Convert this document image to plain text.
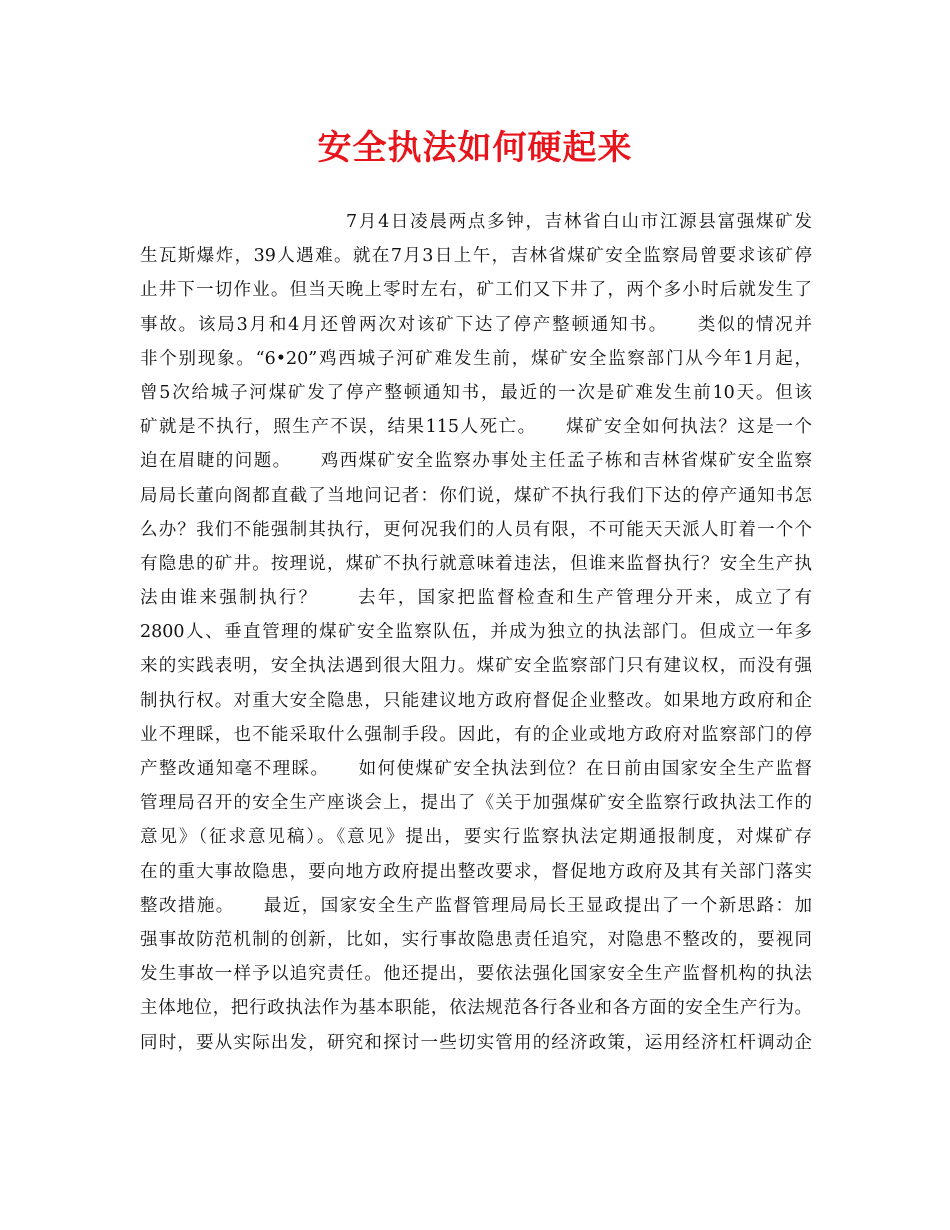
安全执法如何硬起来
7月4日凌晨两点多钟，吉林省白山市江源县富强煤矿发
生瓦斯爆炸，39人遇难。就在7月3日上午，吉林省煤矿安全监察局曾要求该矿停
止井下一切作业。但当天晚上零时左右，矿工们又下井了，两个多小时后就发生了
事故。该局3月和4月还曾两次对该矿下达了停产整顿通知书。　　类似的情况并
非个别现象。“6•20”鸡西城子河矿难发生前，煤矿安全监察部门从今年1月起，
曾5次给城子河煤矿发了停产整顿通知书，最近的一次是矿难发生前10天。但该
矿就是不执行，照生产不误，结果115人死亡。　　煤矿安全如何执法？这是一个
迫在眉睫的问题。　　鸡西煤矿安全监察办事处主任孟子栋和吉林省煤矿安全监察
局局长董向阁都直截了当地问记者：你们说，煤矿不执行我们下达的停产通知书怎
么办？我们不能强制其执行，更何况我们的人员有限，不可能天天派人盯着一个个
有隐患的矿井。按理说，煤矿不执行就意味着违法，但谁来监督执行？安全生产执
法由谁来强制执行？　　去年，国家把监督检查和生产管理分开来，成立了有
2800人、垂直管理的煤矿安全监察队伍，并成为独立的执法部门。但成立一年多
来的实践表明，安全执法遇到很大阻力。煤矿安全监察部门只有建议权，而没有强
制执行权。对重大安全隐患，只能建议地方政府督促企业整改。如果地方政府和企
业不理睬，也不能采取什么强制手段。因此，有的企业或地方政府对监察部门的停
产整改通知毫不理睬。　　如何使煤矿安全执法到位？在日前由国家安全生产监督
管理局召开的安全生产座谈会上，提出了《关于加强煤矿安全监察行政执法工作的
意见》（征求意见稿）。《意见》提出，要实行监察执法定期通报制度，对煤矿存
在的重大事故隐患，要向地方政府提出整改要求，督促地方政府及其有关部门落实
整改措施。　　最近，国家安全生产监督管理局局长王显政提出了一个新思路：加
强事故防范机制的创新，比如，实行事故隐患责任追究，对隐患不整改的，要视同
发生事故一样予以追究责任。他还提出，要依法强化国家安全生产监督机构的执法
主体地位，把行政执法作为基本职能，依法规范各行各业和各方面的安全生产行为。
同时，要从实际出发，研究和探讨一些切实管用的经济政策，运用经济杠杆调动企
